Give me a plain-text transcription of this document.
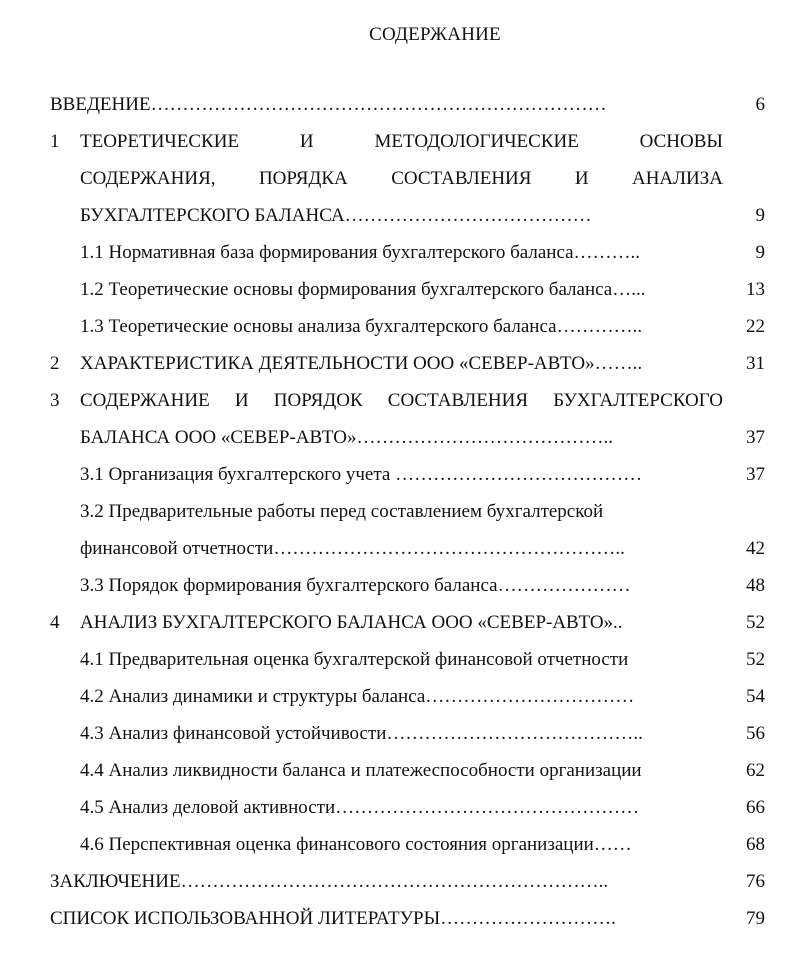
СОДЕРЖАНИЕ
ВВЕДЕНИЕ………………………………………………………………	6
1 ТЕОРЕТИЧЕСКИЕ И МЕТОДОЛОГИЧЕСКИЕ ОСНОВЫ
СОДЕРЖАНИЯ, ПОРЯДКА СОСТАВЛЕНИЯ И АНАЛИЗА
БУХГАЛТЕРСКОГО БАЛАНСА…………………………………	9
1.1 Нормативная база формирования бухгалтерского баланса………..	9
1.2 Теоретические основы формирования бухгалтерского баланса…...	13
1.3 Теоретические основы анализа бухгалтерского баланса…………..	22
2 ХАРАКТЕРИСТИКА ДЕЯТЕЛЬНОСТИ ООО «СЕВЕР-АВТО»……..	31
3 СОДЕРЖАНИЕ И ПОРЯДОК СОСТАВЛЕНИЯ БУХГАЛТЕРСКОГО
БАЛАНСА ООО «СЕВЕР-АВТО»…………………………………..	37
3.1 Организация бухгалтерского учета …………………………………	37
3.2 Предварительные работы перед составлением бухгалтерской
финансовой отчетности………………………………………………..	42
3.3 Порядок формирования бухгалтерского баланса…………………	48
4 АНАЛИЗ БУХГАЛТЕРСКОГО БАЛАНСА ООО «СЕВЕР-АВТО»..	52
4.1 Предварительная оценка бухгалтерской финансовой отчетности	52
4.2 Анализ динамики и структуры баланса……………………………	54
4.3 Анализ финансовой устойчивости…………………………………..	56
4.4 Анализ ликвидности баланса и платежеспособности организации	62
4.5 Анализ деловой активности…………………………………………	66
4.6 Перспективная оценка финансового состояния организации……	68
ЗАКЛЮЧЕНИЕ…………………………………………………………..	76
СПИСОК ИСПОЛЬЗОВАННОЙ ЛИТЕРАТУРЫ……………………….	79
